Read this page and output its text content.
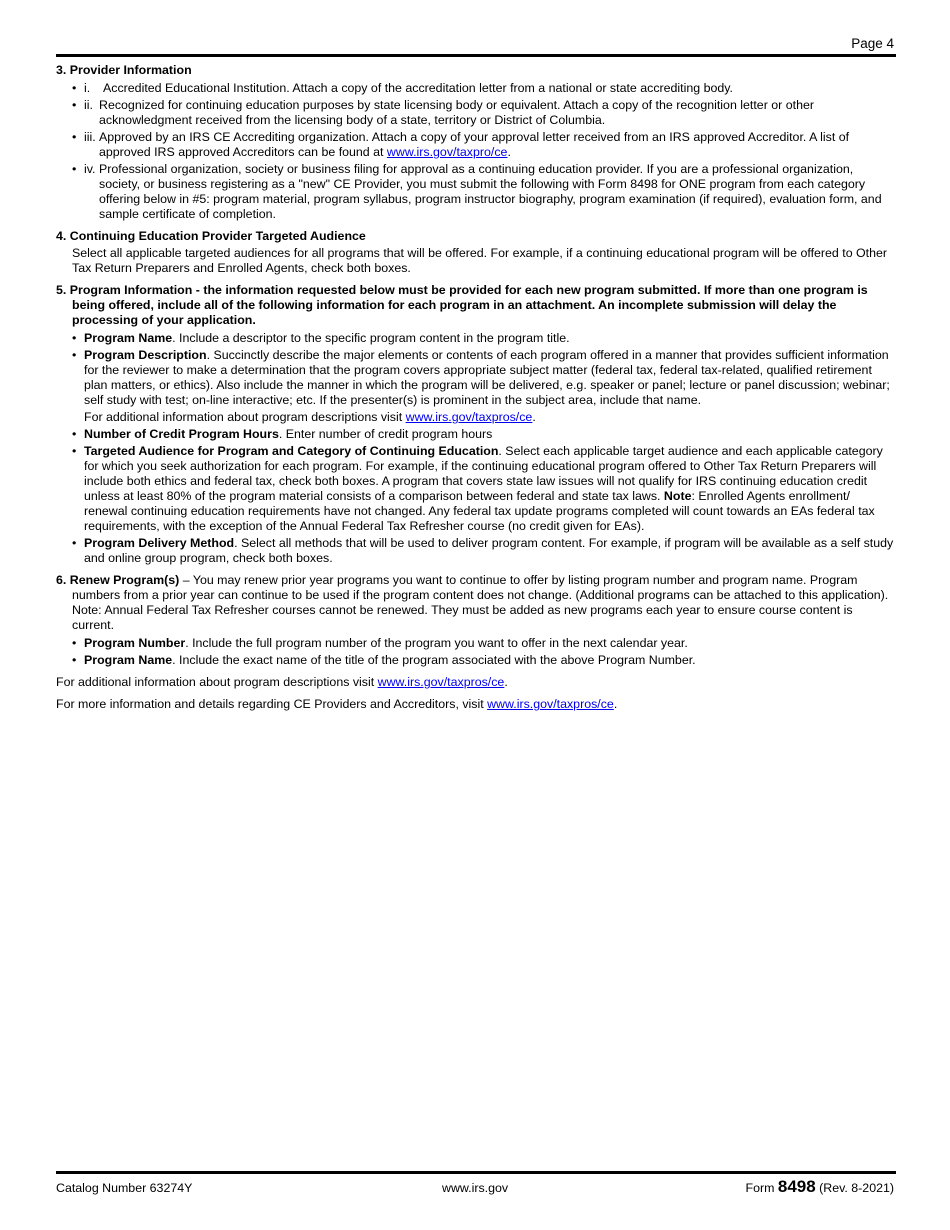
Page 4
3. Provider Information
• i. Accredited Educational Institution. Attach a copy of the accreditation letter from a national or state accrediting body.
• ii. Recognized for continuing education purposes by state licensing body or equivalent. Attach a copy of the recognition letter or other acknowledgment received from the licensing body of a state, territory or District of Columbia.
• iii. Approved by an IRS CE Accrediting organization. Attach a copy of your approval letter received from an IRS approved Accreditor. A list of approved IRS approved Accreditors can be found at www.irs.gov/taxpro/ce.
• iv. Professional organization, society or business filing for approval as a continuing education provider. If you are a professional organization, society, or business registering as a "new" CE Provider, you must submit the following with Form 8498 for ONE program from each category offering below in #5: program material, program syllabus, program instructor biography, program examination (if required), evaluation form, and sample certificate of completion.
4. Continuing Education Provider Targeted Audience
Select all applicable targeted audiences for all programs that will be offered. For example, if a continuing educational program will be offered to Other Tax Return Preparers and Enrolled Agents, check both boxes.
5. Program Information - the information requested below must be provided for each new program submitted. If more than one program is being offered, include all of the following information for each program in an attachment. An incomplete submission will delay the processing of your application.
• Program Name. Include a descriptor to the specific program content in the program title.
• Program Description. Succinctly describe the major elements or contents of each program offered in a manner that provides sufficient information for the reviewer to make a determination that the program covers appropriate subject matter (federal tax, federal tax-related, qualified retirement plan matters, or ethics). Also include the manner in which the program will be delivered, e.g. speaker or panel; lecture or panel discussion; webinar; self study with test; on-line interactive; etc. If the presenter(s) is prominent in the subject area, include that name.
For additional information about program descriptions visit www.irs.gov/taxpros/ce.
• Number of Credit Program Hours. Enter number of credit program hours
• Targeted Audience for Program and Category of Continuing Education. Select each applicable target audience and each applicable category for which you seek authorization for each program. For example, if the continuing educational program offered to Other Tax Return Preparers will include both ethics and federal tax, check both boxes. A program that covers state law issues will not qualify for IRS continuing education credit unless at least 80% of the program material consists of a comparison between federal and state tax laws. Note: Enrolled Agents enrollment/ renewal continuing education requirements have not changed. Any federal tax update programs completed will count towards an EAs federal tax requirements, with the exception of the Annual Federal Tax Refresher course (no credit given for EAs).
• Program Delivery Method. Select all methods that will be used to deliver program content. For example, if program will be available as a self study and online group program, check both boxes.
6. Renew Program(s) – You may renew prior year programs you want to continue to offer by listing program number and program name. Program numbers from a prior year can continue to be used if the program content does not change. (Additional programs can be attached to this application). Note: Annual Federal Tax Refresher courses cannot be renewed. They must be added as new programs each year to ensure course content is current.
• Program Number. Include the full program number of the program you want to offer in the next calendar year.
• Program Name. Include the exact name of the title of the program associated with the above Program Number.
For additional information about program descriptions visit www.irs.gov/taxpros/ce.
For more information and details regarding CE Providers and Accreditors, visit www.irs.gov/taxpros/ce.
Catalog Number 63274Y	www.irs.gov	Form 8498 (Rev. 8-2021)
